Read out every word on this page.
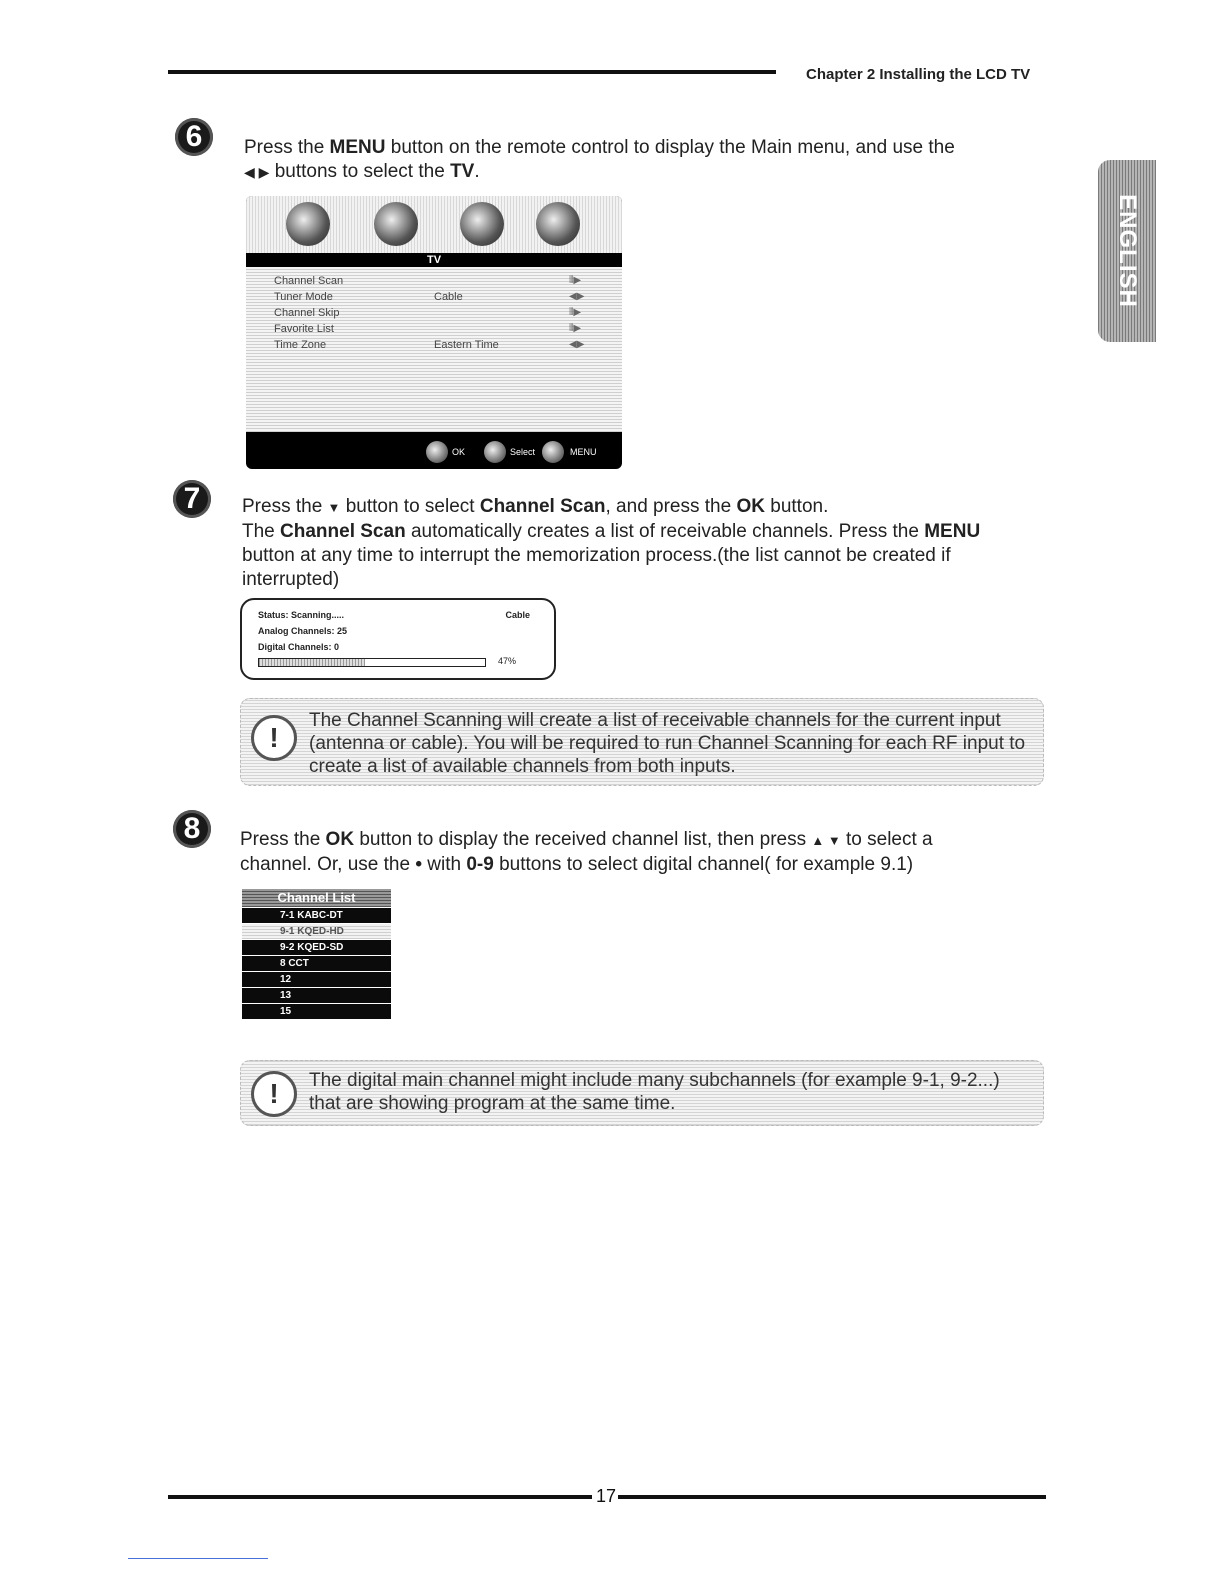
Chapter 2 Installing the LCD TV
ENGLISH
6 Press the MENU button on the remote control to display the Main menu, and use the
◀ ▶ buttons to select the TV.
TV
Channel Scan	⦀▶
Tuner Mode	Cable	◀▶
Channel Skip	⦀▶
Favorite List	⦀▶
Time Zone	Eastern Time	◀▶
OK	Select	MENU
7 Press the ▼ button to select Channel Scan, and press the OK button.

The Channel Scan automatically creates a list of receivable channels. Press the MENU button at any time to interrupt the memorization process.(the list cannot be created if interrupted)

Status: Scanning.....	Cable
Analog Channels: 25
Digital Channels: 0
47%
!
The Channel Scanning will create a list of receivable channels for the current input (antenna or cable). You will be required to run Channel Scanning for each RF input to create a list of available channels from both inputs.
8 Press the OK button to display the received channel list, then press ▲ ▼ to select a channel. Or, use the • with 0-9 buttons to select digital channel( for example 9.1)
Channel List
7-1 KABC-DT
9-1 KQED-HD
9-2 KQED-SD
8 CCT
12
13
15
!	The digital main channel might include many subchannels (for example 9-1, 9-2...) that are showing program at the same time.
17
